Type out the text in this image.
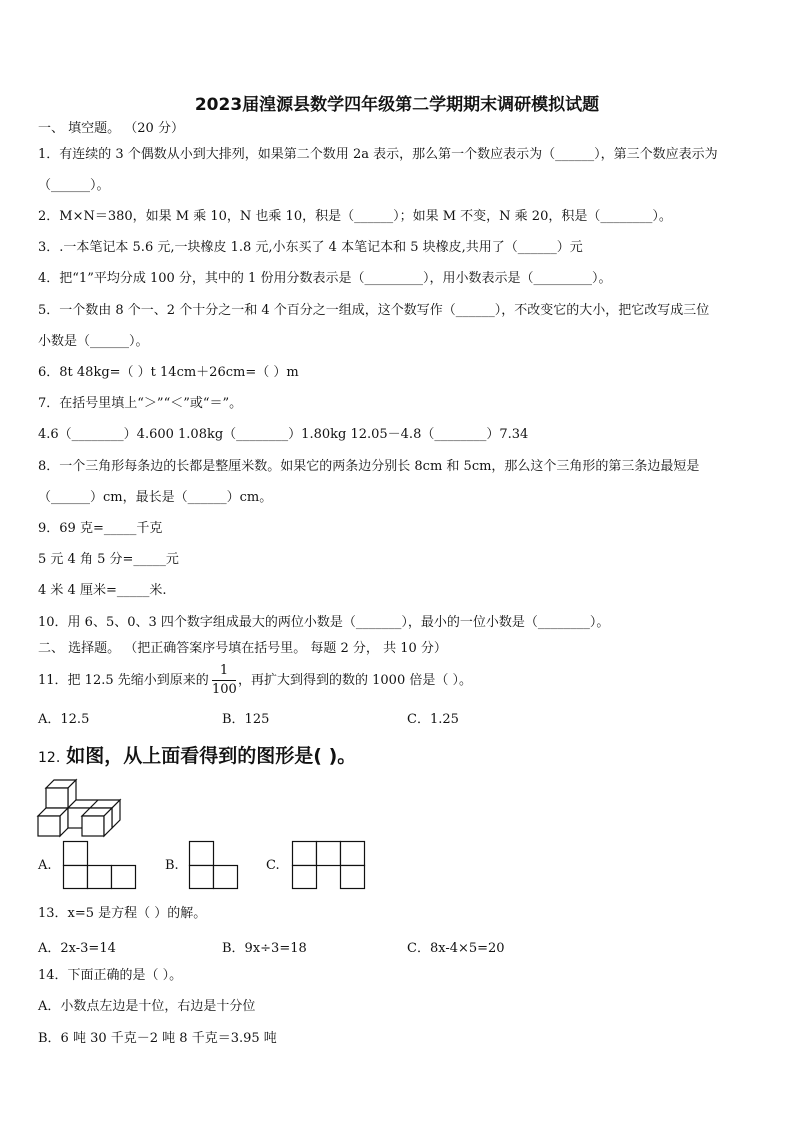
2023届湟源县数学四年级第二学期期末调研模拟试题
一、 填空题。 （20 分）
1．有连续的 3 个偶数从小到大排列，如果第二个数用 2a 表示，那么第一个数应表示为（______），第三个数应表示为
（______）。
2．M×N＝380，如果 M 乘 10，N 也乘 10，积是（______）；如果 M 不变，N 乘 20，积是（________）。
3．.一本笔记本 5.6 元,一块橡皮 1.8 元,小东买了 4 本笔记本和 5 块橡皮,共用了（______）元
4．把“1”平均分成 100 分，其中的 1 份用分数表示是（_________），用小数表示是（_________）。
5．一个数由 8 个一、2 个十分之一和 4 个百分之一组成，这个数写作（______），不改变它的大小，把它改写成三位
小数是（______）。
6．8t 48kg=（ ）t 14cm＋26cm=（ ）m
7．在括号里填上“＞”“＜”或“＝”。
4.6（________）4.600 1.08kg（________）1.80kg 12.05－4.8（________）7.34
8．一个三角形每条边的长都是整厘米数。如果它的两条边分别长 8cm 和 5cm，那么这个三角形的第三条边最短是
（______）cm，最长是（______）cm。
9．69 克=_____千克
5 元 4 角 5 分=_____元
4 米 4 厘米=_____米.
10．用 6、5、0、3 四个数字组成最大的两位小数是（_______），最小的一位小数是（________）。
二、 选择题。 （把正确答案序号填在括号里。 每题 2 分， 共 10 分）
11．把 12.5 先缩小到原来的 $\frac{1}{100}$ ，再扩大到得到的数的 1000 倍是（ ）。
A．12.5	B．125	C．1.25
12. 如图，从上面看得到的图形是( )。
A.	B.	C.
13．x=5 是方程（ ）的解。
A．2x-3=14	B．9x÷3=18	C．8x-4×5=20
14．下面正确的是（ ）。
A．小数点左边是十位，右边是十分位
B．6 吨 30 千克－2 吨 8 千克＝3.95 吨
